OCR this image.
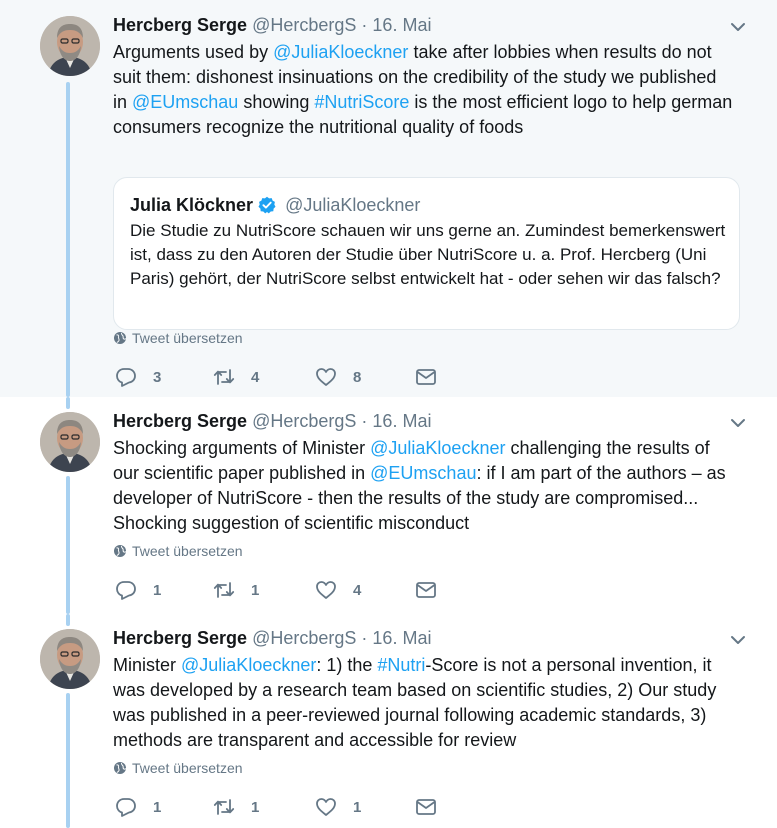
Hercberg Serge @HercbergS · 16. Mai

Arguments used by @JuliaKloeckner take after lobbies when results do not suit them: dishonest insinuations on the credibility of the study we published in @EUmschau showing #NutriScore is the most efficient logo to help german consumers recognize the nutritional quality of foods

Julia Klöckner @JuliaKloeckner

Die Studie zu NutriScore schauen wir uns gerne an. Zumindest bemerkenswert ist, dass zu den Autoren der Studie über NutriScore u. a. Prof. Hercberg (Uni Paris) gehört, der NutriScore selbst entwickelt hat - oder sehen wir das falsch?

Tweet übersetzen
3	4	8
Hercberg Serge @HercbergS · 16. Mai

Shocking arguments of Minister @JuliaKloeckner challenging the results of our scientific paper published in @EUmschau: if I am part of the authors – as developer of NutriScore - then the results of the study are compromised... Shocking suggestion of scientific misconduct

Tweet übersetzen
1	1	4
Hercberg Serge @HercbergS · 16. Mai

Minister @JuliaKloeckner: 1) the #Nutri-Score is not a personal invention, it was developed by a research team based on scientific studies, 2) Our study was published in a peer-reviewed journal following academic standards, 3) methods are transparent and accessible for review

Tweet übersetzen
1	1	1
